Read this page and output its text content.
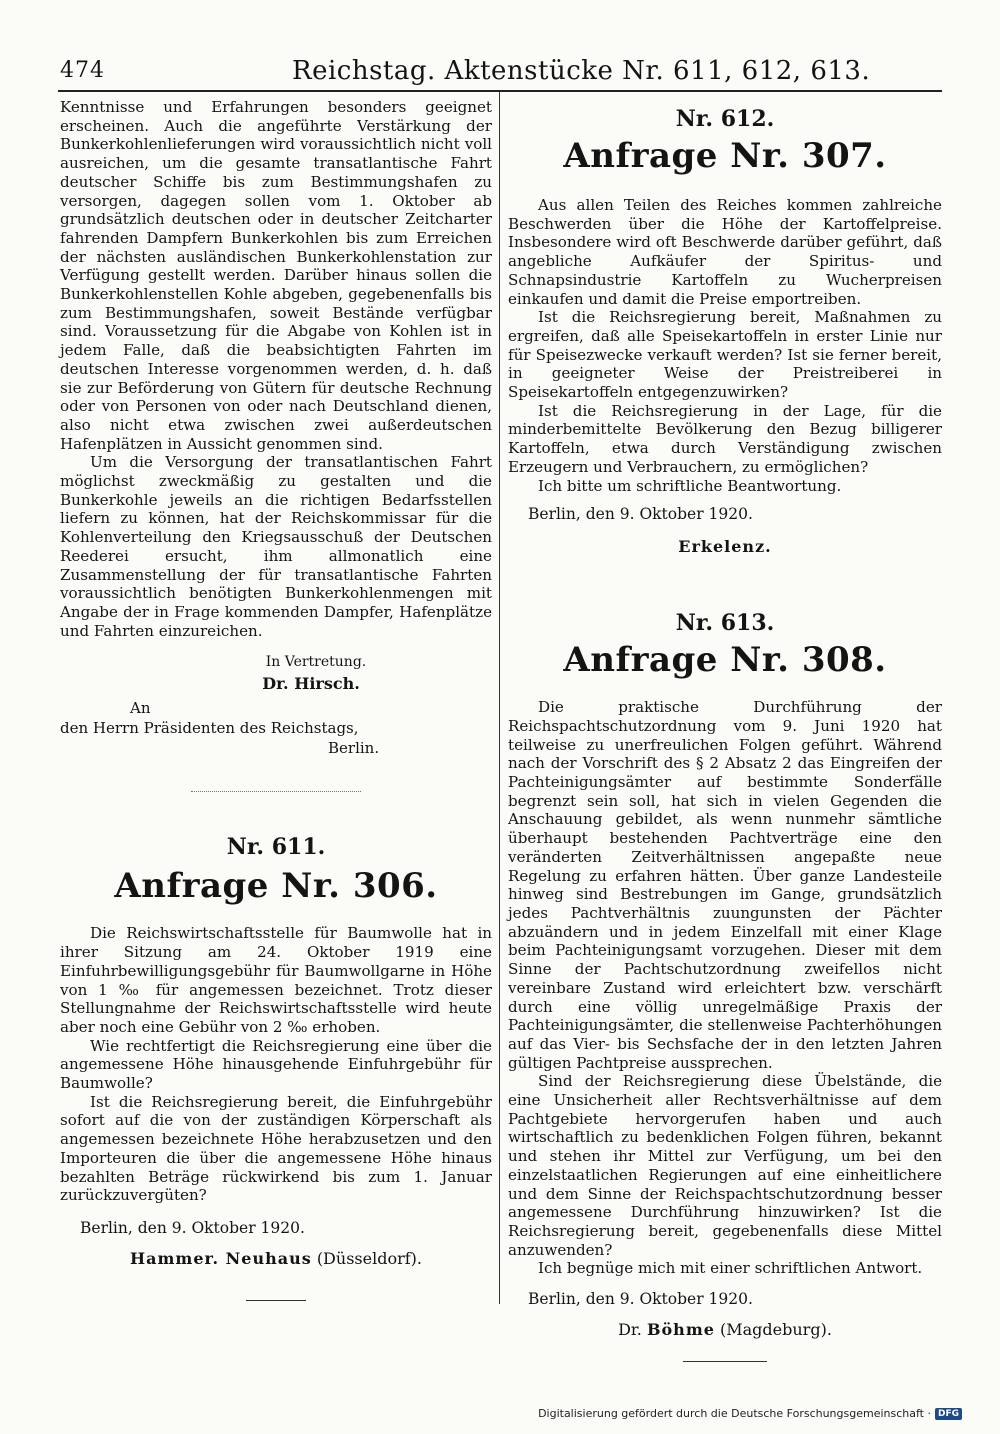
474	Reichstag. Aktenstücke Nr. 611, 612, 613.

Kenntnisse und Erfahrungen besonders geeignet erscheinen. Auch die angeführte Verstärkung der Bunkerkohlenlieferungen wird voraussichtlich nicht voll ausreichen, um die gesamte transatlantische Fahrt deutscher Schiffe bis zum Bestimmungshafen zu versorgen, dagegen sollen vom 1. Oktober ab grundsätzlich deutschen oder in deutscher Zeitcharter fahrenden Dampfern Bunkerkohlen bis zum Erreichen der nächsten ausländischen Bunkerkohlenstation zur Verfügung gestellt werden. Darüber hinaus sollen die Bunkerkohlenstellen Kohle abgeben, gegebenenfalls bis zum Bestimmungshafen, soweit Bestände verfügbar sind. Voraussetzung für die Abgabe von Kohlen ist in jedem Falle, daß die beabsichtigten Fahrten im deutschen Interesse vorgenommen werden, d. h. daß sie zur Beförderung von Gütern für deutsche Rechnung oder von Personen von oder nach Deutschland dienen, also nicht etwa zwischen zwei außerdeutschen Hafenplätzen in Aussicht genommen sind.

Um die Versorgung der transatlantischen Fahrt möglichst zweckmäßig zu gestalten und die Bunkerkohle jeweils an die richtigen Bedarfsstellen liefern zu können, hat der Reichskommissar für die Kohlenverteilung den Kriegsausschuß der Deutschen Reederei ersucht, ihm allmonatlich eine Zusammenstellung der für transatlantische Fahrten voraussichtlich benötigten Bunkerkohlenmengen mit Angabe der in Frage kommenden Dampfer, Hafenplätze und Fahrten einzureichen.

In Vertretung.
Dr. Hirsch.
An
den Herrn Präsidenten des Reichstags,
Berlin.
Nr. 611.
Anfrage Nr. 306.

Die Reichswirtschaftsstelle für Baumwolle hat in ihrer Sitzung am 24. Oktober 1919 eine Einfuhrbewilligungsgebühr für Baumwollgarne in Höhe von 1 ‰ für angemessen bezeichnet. Trotz dieser Stellungnahme der Reichswirtschaftsstelle wird heute aber noch eine Gebühr von 2 ‰ erhoben.

Wie rechtfertigt die Reichsregierung eine über die angemessene Höhe hinausgehende Einfuhrgebühr für Baumwolle?

Ist die Reichsregierung bereit, die Einfuhrgebühr sofort auf die von der zuständigen Körperschaft als angemessen bezeichnete Höhe herabzusetzen und den Importeuren die über die angemessene Höhe hinaus bezahlten Beträge rückwirkend bis zum 1. Januar zurückzuvergüten?

Berlin, den 9. Oktober 1920.
Hammer. Neuhaus (Düsseldorf).
Nr. 612.
Anfrage Nr. 307.

Aus allen Teilen des Reiches kommen zahlreiche Beschwerden über die Höhe der Kartoffelpreise. Insbesondere wird oft Beschwerde darüber geführt, daß angebliche Aufkäufer der Spiritus- und Schnapsindustrie Kartoffeln zu Wucherpreisen einkaufen und damit die Preise emportreiben.

Ist die Reichsregierung bereit, Maßnahmen zu ergreifen, daß alle Speisekartoffeln in erster Linie nur für Speisezwecke verkauft werden? Ist sie ferner bereit, in geeigneter Weise der Preistreiberei in Speisekartoffeln entgegenzuwirken?

Ist die Reichsregierung in der Lage, für die minderbemittelte Bevölkerung den Bezug billigerer Kartoffeln, etwa durch Verständigung zwischen Erzeugern und Verbrauchern, zu ermöglichen?

Ich bitte um schriftliche Beantwortung.

Berlin, den 9. Oktober 1920.
Erkelenz.
Nr. 613.
Anfrage Nr. 308.

Die praktische Durchführung der Reichspachtschutzordnung vom 9. Juni 1920 hat teilweise zu unerfreulichen Folgen geführt. Während nach der Vorschrift des § 2 Absatz 2 das Eingreifen der Pachteinigungsämter auf bestimmte Sonderfälle begrenzt sein soll, hat sich in vielen Gegenden die Anschauung gebildet, als wenn nunmehr sämtliche überhaupt bestehenden Pachtverträge eine den veränderten Zeitverhältnissen angepaßte neue Regelung zu erfahren hätten. Über ganze Landesteile hinweg sind Bestrebungen im Gange, grundsätzlich jedes Pachtverhältnis zuungunsten der Pächter abzuändern und in jedem Einzelfall mit einer Klage beim Pachteinigungsamt vorzugehen. Dieser mit dem Sinne der Pachtschutzordnung zweifellos nicht vereinbare Zustand wird erleichtert bzw. verschärft durch eine völlig unregelmäßige Praxis der Pachteinigungsämter, die stellenweise Pachterhöhungen auf das Vier- bis Sechsfache der in den letzten Jahren gültigen Pachtpreise aussprechen.

Sind der Reichsregierung diese Übelstände, die eine Unsicherheit aller Rechtsverhältnisse auf dem Pachtgebiete hervorgerufen haben und auch wirtschaftlich zu bedenklichen Folgen führen, bekannt und stehen ihr Mittel zur Verfügung, um bei den einzelstaatlichen Regierungen auf eine einheitlichere und dem Sinne der Reichspachtschutzordnung besser angemessene Durchführung hinzuwirken? Ist die Reichsregierung bereit, gegebenenfalls diese Mittel anzuwenden?

Ich begnüge mich mit einer schriftlichen Antwort.

Berlin, den 9. Oktober 1920.
Dr. Böhme (Magdeburg).
Digitalisierung gefördert durch die Deutsche Forschungsgemeinschaft · DFG
